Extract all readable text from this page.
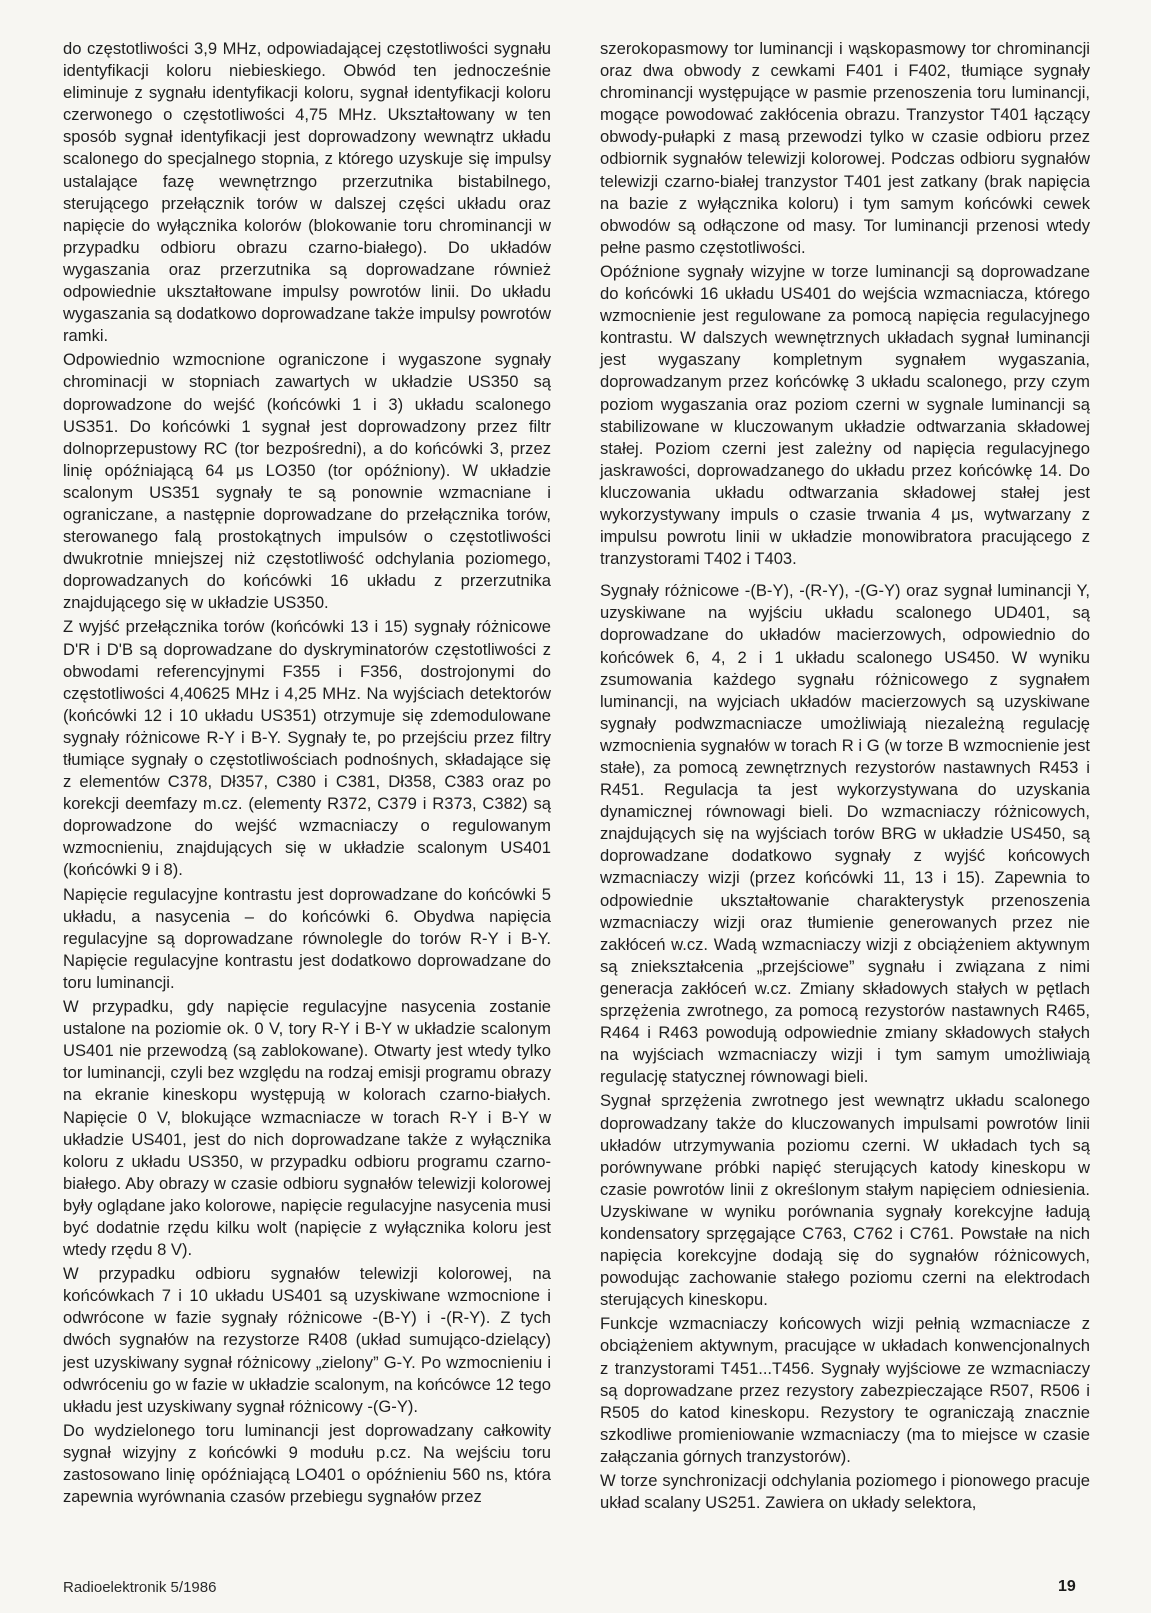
do częstotliwości 3,9 MHz, odpowiadającej częstotliwości sygnału identyfikacji koloru niebieskiego. Obwód ten jednocześnie eliminuje z sygnału identyfikacji koloru, sygnał identyfikacji koloru czerwonego o częstotliwości 4,75 MHz. Ukształtowany w ten sposób sygnał identyfikacji jest doprowadzony wewnątrz układu scalonego do specjalnego stopnia, z którego uzyskuje się impulsy ustalające fazę wewnętrzngo przerzutnika bistabilnego, sterującego przełącznik torów w dalszej części układu oraz napięcie do wyłącznika kolorów (blokowanie toru chrominancji w przypadku odbioru obrazu czarno-białego). Do układów wygaszania oraz przerzutnika są doprowadzane również odpowiednie ukształtowane impulsy powrotów linii. Do układu wygaszania są dodatkowo doprowadzane także impulsy powrotów ramki.

Odpowiednio wzmocnione ograniczone i wygaszone sygnały chrominacji w stopniach zawartych w układzie US350 są doprowadzone do wejść (końcówki 1 i 3) układu scalonego US351. Do końcówki 1 sygnał jest doprowadzony przez filtr dolnoprzepustowy RC (tor bezpośredni), a do końcówki 3, przez linię opóźniającą 64 μs LO350 (tor opóźniony). W układzie scalonym US351 sygnały te są ponownie wzmacniane i ograniczane, a następnie doprowadzane do przełącznika torów, sterowanego falą prostokątnych impulsów o częstotliwości dwukrotnie mniejszej niż częstotliwość odchylania poziomego, doprowadzanych do końcówki 16 układu z przerzutnika znajdującego się w układzie US350.

Z wyjść przełącznika torów (końcówki 13 i 15) sygnały różnicowe D'R i D'B są doprowadzane do dyskryminatorów częstotliwości z obwodami referencyjnymi F355 i F356, dostrojonymi do częstotliwości 4,40625 MHz i 4,25 MHz. Na wyjściach detektorów (końcówki 12 i 10 układu US351) otrzymuje się zdemodulowane sygnały różnicowe R-Y i B-Y. Sygnały te, po przejściu przez filtry tłumiące sygnały o częstotliwościach podnośnych, składające się z elementów C378, Dł357, C380 i C381, Dł358, C383 oraz po korekcji deemfazy m.cz. (elementy R372, C379 i R373, C382) są doprowadzone do wejść wzmacniaczy o regulowanym wzmocnieniu, znajdujących się w układzie scalonym US401 (końcówki 9 i 8).

Napięcie regulacyjne kontrastu jest doprowadzane do końcówki 5 układu, a nasycenia – do końcówki 6. Obydwa napięcia regulacyjne są doprowadzane równolegle do torów R-Y i B-Y. Napięcie regulacyjne kontrastu jest dodatkowo doprowadzane do toru luminancji.

W przypadku, gdy napięcie regulacyjne nasycenia zostanie ustalone na poziomie ok. 0 V, tory R-Y i B-Y w układzie scalonym US401 nie przewodzą (są zablokowane). Otwarty jest wtedy tylko tor luminancji, czyli bez względu na rodzaj emisji programu obrazy na ekranie kineskopu występują w kolorach czarno-białych. Napięcie 0 V, blokujące wzmacniacze w torach R-Y i B-Y w układzie US401, jest do nich doprowadzane także z wyłącznika koloru z układu US350, w przypadku odbioru programu czarno-białego. Aby obrazy w czasie odbioru sygnałów telewizji kolorowej były oglądane jako kolorowe, napięcie regulacyjne nasycenia musi być dodatnie rzędu kilku wolt (napięcie z wyłącznika koloru jest wtedy rzędu 8 V).

W przypadku odbioru sygnałów telewizji kolorowej, na końcówkach 7 i 10 układu US401 są uzyskiwane wzmocnione i odwrócone w fazie sygnały różnicowe -(B-Y) i -(R-Y). Z tych dwóch sygnałów na rezystorze R408 (układ sumująco-dzielący) jest uzyskiwany sygnał różnicowy „zielony” G-Y. Po wzmocnieniu i odwróceniu go w fazie w układzie scalonym, na końcówce 12 tego układu jest uzyskiwany sygnał różnicowy -(G-Y).

Do wydzielonego toru luminancji jest doprowadzany całkowity sygnał wizyjny z końcówki 9 modułu p.cz. Na wejściu toru zastosowano linię opóźniającą LO401 o opóźnieniu 560 ns, która zapewnia wyrównania czasów przebiegu sygnałów przez

szerokopasmowy tor luminancji i wąskopasmowy tor chrominancji oraz dwa obwody z cewkami F401 i F402, tłumiące sygnały chrominancji występujące w pasmie przenoszenia toru luminancji, mogące powodować zakłócenia obrazu. Tranzystor T401 łączący obwody-pułapki z masą przewodzi tylko w czasie odbioru przez odbiornik sygnałów telewizji kolorowej. Podczas odbioru sygnałów telewizji czarno-białej tranzystor T401 jest zatkany (brak napięcia na bazie z wyłącznika koloru) i tym samym końcówki cewek obwodów są odłączone od masy. Tor luminancji przenosi wtedy pełne pasmo częstotliwości.

Opóźnione sygnały wizyjne w torze luminancji są doprowadzane do końcówki 16 układu US401 do wejścia wzmacniacza, którego wzmocnienie jest regulowane za pomocą napięcia regulacyjnego kontrastu. W dalszych wewnętrznych układach sygnał luminancji jest wygaszany kompletnym sygnałem wygaszania, doprowadzanym przez końcówkę 3 układu scalonego, przy czym poziom wygaszania oraz poziom czerni w sygnale luminancji są stabilizowane w kluczowanym układzie odtwarzania składowej stałej. Poziom czerni jest zależny od napięcia regulacyjnego jaskrawości, doprowadzanego do układu przez końcówkę 14. Do kluczowania układu odtwarzania składowej stałej jest wykorzystywany impuls o czasie trwania 4 μs, wytwarzany z impulsu powrotu linii w układzie monowibratora pracującego z tranzystorami T402 i T403.

Sygnały różnicowe -(B-Y), -(R-Y), -(G-Y) oraz sygnał luminancji Y, uzyskiwane na wyjściu układu scalonego UD401, są doprowadzane do układów macierzowych, odpowiednio do końcówek 6, 4, 2 i 1 układu scalonego US450. W wyniku zsumowania każdego sygnału różnicowego z sygnałem luminancji, na wyjciach układów macierzowych są uzyskiwane sygnały podwzmacniacze umożliwiają niezależną regulację wzmocnienia sygnałów w torach R i G (w torze B wzmocnienie jest stałe), za pomocą zewnętrznych rezystorów nastawnych R453 i R451. Regulacja ta jest wykorzystywana do uzyskania dynamicznej równowagi bieli. Do wzmacniaczy różnicowych, znajdujących się na wyjściach torów BRG w układzie US450, są doprowadzane dodatkowo sygnały z wyjść końcowych wzmacniaczy wizji (przez końcówki 11, 13 i 15). Zapewnia to odpowiednie ukształtowanie charakterystyk przenoszenia wzmacniaczy wizji oraz tłumienie generowanych przez nie zakłóceń w.cz. Wadą wzmacniaczy wizji z obciążeniem aktywnym są zniekształcenia „przejściowe” sygnału i związana z nimi generacja zakłóceń w.cz. Zmiany składowych stałych w pętlach sprzężenia zwrotnego, za pomocą rezystorów nastawnych R465, R464 i R463 powodują odpowiednie zmiany składowych stałych na wyjściach wzmacniaczy wizji i tym samym umożliwiają regulację statycznej równowagi bieli.

Sygnał sprzężenia zwrotnego jest wewnątrz układu scalonego doprowadzany także do kluczowanych impulsami powrotów linii układów utrzymywania poziomu czerni. W układach tych są porównywane próbki napięć sterujących katody kineskopu w czasie powrotów linii z określonym stałym napięciem odniesienia. Uzyskiwane w wyniku porównania sygnały korekcyjne ładują kondensatory sprzęgające C763, C762 i C761. Powstałe na nich napięcia korekcyjne dodają się do sygnałów różnicowych, powodując zachowanie stałego poziomu czerni na elektrodach sterujących kineskopu.

Funkcje wzmacniaczy końcowych wizji pełnią wzmacniacze z obciążeniem aktywnym, pracujące w układach konwencjonalnych z tranzystorami T451...T456. Sygnały wyjściowe ze wzmacniaczy są doprowadzane przez rezystory zabezpieczające R507, R506 i R505 do katod kineskopu. Rezystory te ograniczają znacznie szkodliwe promieniowanie wzmacniaczy (ma to miejsce w czasie załączania górnych tranzystorów).

W torze synchronizacji odchylania poziomego i pionowego pracuje układ scalany US251. Zawiera on układy selektora,

Radioelektronik 5/1986	19
